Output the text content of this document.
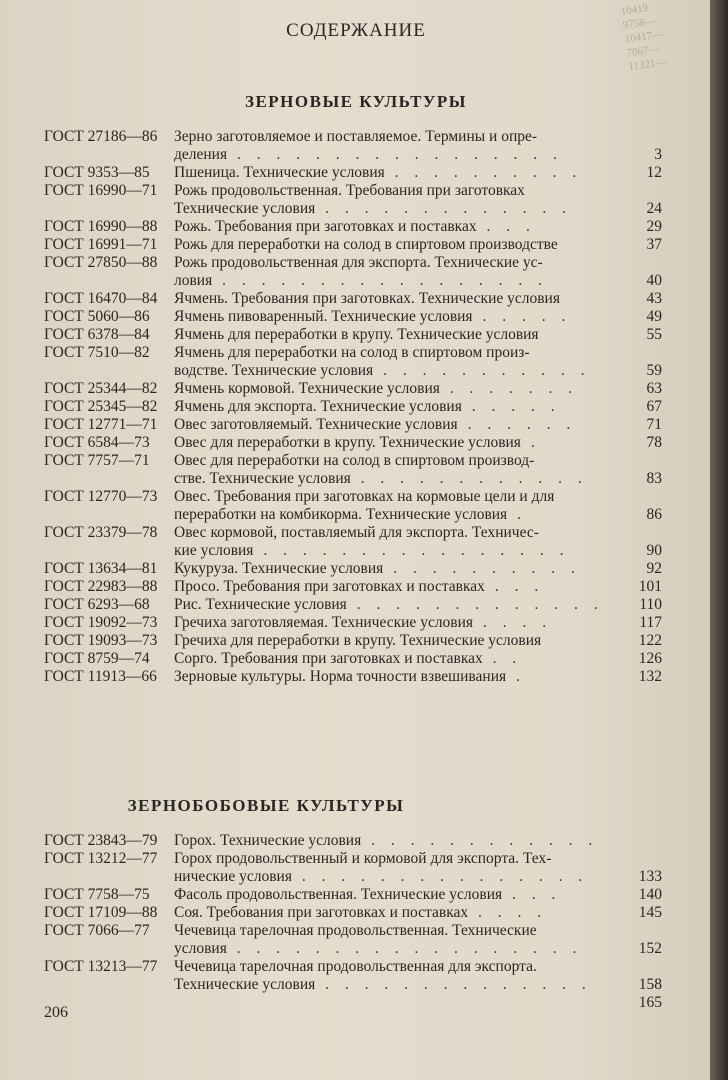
10419
9758—
10417—
7067—
11321—
СОДЕРЖАНИЕ
ЗЕРНОВЫЕ КУЛЬТУРЫ
ГОСТ 27186—86	Зерно заготовляемое и поставляемое. Термины и опре-
деления . . . . . . . . . . . . . . . . .	3
ГОСТ 9353—85	Пшеница. Технические условия . . . . . . . . . .	12
ГОСТ 16990—71	Рожь продовольственная. Требования при заготовках
Технические условия . . . . . . . . . . . . .	24
ГОСТ 16990—88	Рожь. Требования при заготовках и поставках . . .	29
ГОСТ 16991—71	Рожь для переработки на солод в спиртовом производстве	37
ГОСТ 27850—88	Рожь продовольственная для экспорта. Технические ус-
ловия . . . . . . . . . . . . . . . . .	40
ГОСТ 16470—84	Ячмень. Требования при заготовках. Технические условия	43
ГОСТ 5060—86	Ячмень пивоваренный. Технические условия . . . . .	49
ГОСТ 6378—84	Ячмень для переработки в крупу. Технические условия	55
ГОСТ 7510—82	Ячмень для переработки на солод в спиртовом произ-
водстве. Технические условия . . . . . . . . . . .	59
ГОСТ 25344—82	Ячмень кормовой. Технические условия . . . . . . .	63
ГОСТ 25345—82	Ячмень для экспорта. Технические условия . . . . .	67
ГОСТ 12771—71	Овес заготовляемый. Технические условия . . . . . .	71
ГОСТ 6584—73	Овес для переработки в крупу. Технические условия .	78
ГОСТ 7757—71	Овес для переработки на солод в спиртовом производ-
стве. Технические условия . . . . . . . . . . . .	83
ГОСТ 12770—73	Овес. Требования при заготовках на кормовые цели и для
переработки на комбикорма. Технические условия .	86
ГОСТ 23379—78	Овес кормовой, поставляемый для экспорта. Техничес-
кие условия . . . . . . . . . . . . . . . .	90
ГОСТ 13634—81	Кукуруза. Технические условия . . . . . . . . . .	92
ГОСТ 22983—88	Просо. Требования при заготовках и поставках . . .	101
ГОСТ 6293—68	Рис. Технические условия . . . . . . . . . . . . .	110
ГОСТ 19092—73	Гречиха заготовляемая. Технические условия . . . .	117
ГОСТ 19093—73	Гречиха для переработки в крупу. Технические условия	122
ГОСТ 8759—74	Сорго. Требования при заготовках и поставках . .	126
ГОСТ 11913—66	Зерновые культуры. Норма точности взвешивания .	132
ЗЕРНОБОБОВЫЕ КУЛЬТУРЫ
ГОСТ 23843—79	Горох. Технические условия . . . . . . . . . . . .
ГОСТ 13212—77	Горох продовольственный и кормовой для экспорта. Тех-
нические условия . . . . . . . . . . . . . . .	133
ГОСТ 7758—75	Фасоль продовольственная. Технические условия . . .	140
ГОСТ 17109—88	Соя. Требования при заготовках и поставках . . . .	145
ГОСТ 7066—77	Чечевица тарелочная продовольственная. Технические
условия . . . . . . . . . . . . . . . . . .	152
ГОСТ 13213—77	Чечевица тарелочная продовольственная для экспорта.
Технические условия . . . . . . . . . . . . . .	158
165
206
